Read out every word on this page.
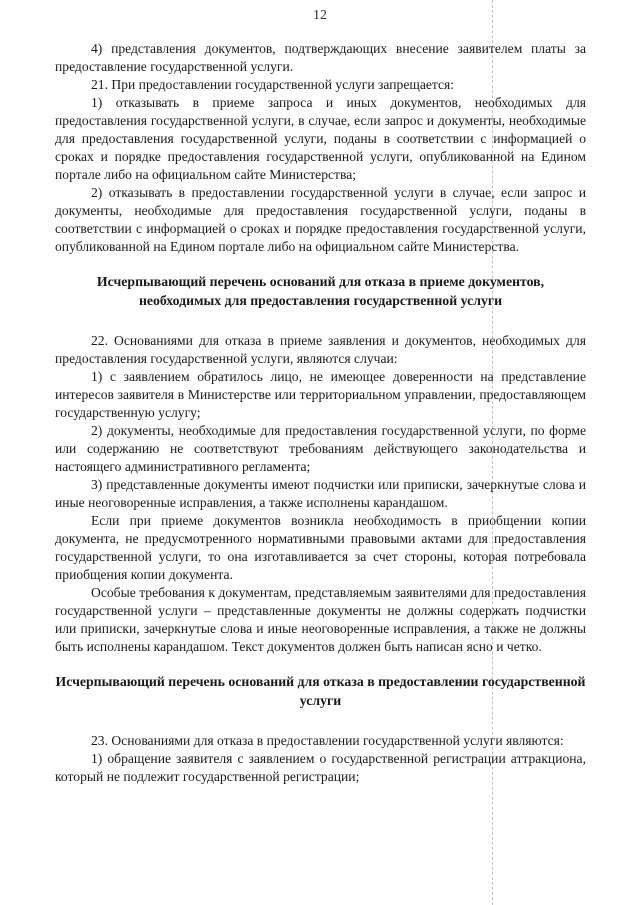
12

4) представления документов, подтверждающих внесение заявителем платы за предоставление государственной услуги.

21. При предоставлении государственной услуги запрещается:

1) отказывать в приеме запроса и иных документов, необходимых для предоставления государственной услуги, в случае, если запрос и документы, необходимые для предоставления государственной услуги, поданы в соответствии с информацией о сроках и порядке предоставления государственной услуги, опубликованной на Едином портале либо на официальном сайте Министерства;

2) отказывать в предоставлении государственной услуги в случае, если запрос и документы, необходимые для предоставления государственной услуги, поданы в соответствии с информацией о сроках и порядке предоставления государственной услуги, опубликованной на Едином портале либо на официальном сайте Министерства.

Исчерпывающий перечень оснований для отказа в приеме документов, необходимых для предоставления государственной услуги

22. Основаниями для отказа в приеме заявления и документов, необходимых для предоставления государственной услуги, являются случаи:

1) с заявлением обратилось лицо, не имеющее доверенности на представление интересов заявителя в Министерстве или территориальном управлении, предоставляющем государственную услугу;

2) документы, необходимые для предоставления государственной услуги, по форме или содержанию не соответствуют требованиям действующего законодательства и настоящего административного регламента;

3) представленные документы имеют подчистки или приписки, зачеркнутые слова и иные неоговоренные исправления, а также исполнены карандашом.

Если при приеме документов возникла необходимость в приобщении копии документа, не предусмотренного нормативными правовыми актами для предоставления государственной услуги, то она изготавливается за счет стороны, которая потребовала приобщения копии документа.

Особые требования к документам, представляемым заявителями для предоставления государственной услуги – представленные документы не должны содержать подчистки или приписки, зачеркнутые слова и иные неоговоренные исправления, а также не должны быть исполнены карандашом. Текст документов должен быть написан ясно и четко.

Исчерпывающий перечень оснований для отказа в предоставлении государственной услуги

23. Основаниями для отказа в предоставлении государственной услуги являются:

1) обращение заявителя с заявлением о государственной регистрации аттракциона, который не подлежит государственной регистрации;
